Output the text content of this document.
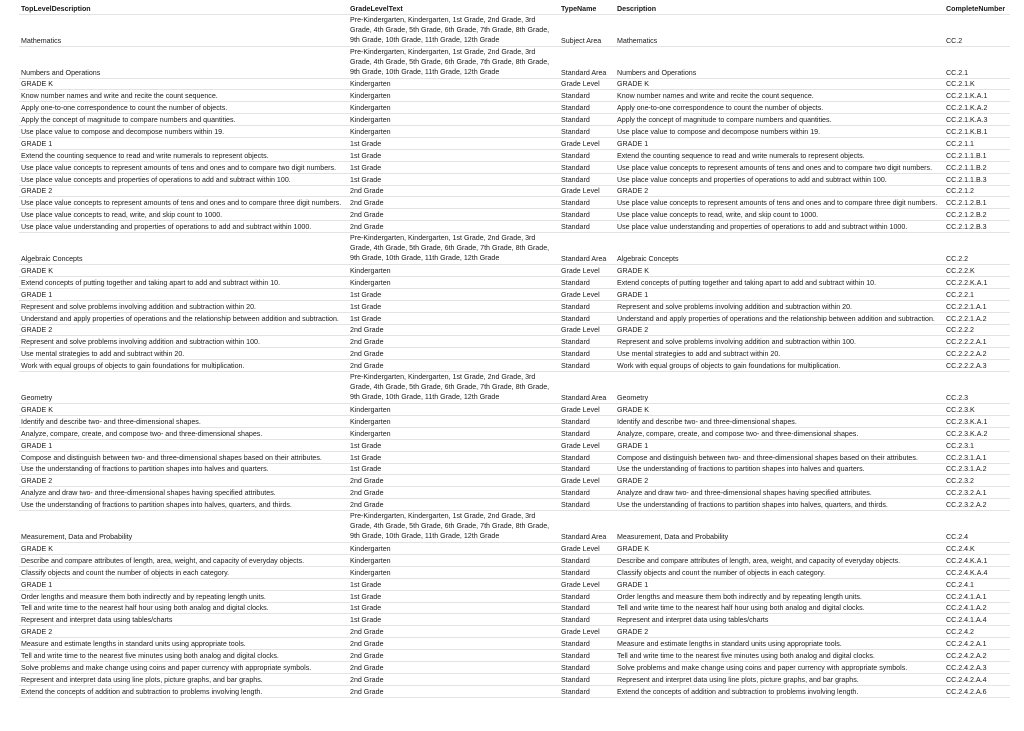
TopLevelDescription	GradeLevelText	TypeName	Description	CompleteNumber
Mathematics	Pre-Kindergarten, Kindergarten, 1st Grade, 2nd Grade, 3rd Grade, 4th Grade, 5th Grade, 6th Grade, 7th Grade, 8th Grade, 9th Grade, 10th Grade, 11th Grade, 12th Grade	Subject Area	Mathematics	CC.2
Numbers and Operations	Pre-Kindergarten, Kindergarten, 1st Grade, 2nd Grade, 3rd Grade, 4th Grade, 5th Grade, 6th Grade, 7th Grade, 8th Grade, 9th Grade, 10th Grade, 11th Grade, 12th Grade	Standard Area	Numbers and Operations	CC.2.1
GRADE K	Kindergarten	Grade Level	GRADE K	CC.2.1.K
Know number names and write and recite the count sequence.	Kindergarten	Standard	Know number names and write and recite the count sequence.	CC.2.1.K.A.1
Apply one-to-one correspondence to count the number of objects.	Kindergarten	Standard	Apply one-to-one correspondence to count the number of objects.	CC.2.1.K.A.2
Apply the concept of magnitude to compare numbers and quantities.	Kindergarten	Standard	Apply the concept of magnitude to compare numbers and quantities.	CC.2.1.K.A.3
Use place value to compose and decompose numbers within 19.	Kindergarten	Standard	Use place value to compose and decompose numbers within 19.	CC.2.1.K.B.1
GRADE 1	1st Grade	Grade Level	GRADE 1	CC.2.1.1
Extend the counting sequence to read and write numerals to represent objects.	1st Grade	Standard	Extend the counting sequence to read and write numerals to represent objects.	CC.2.1.1.B.1
Use place value concepts to represent amounts of tens and ones and to compare two digit numbers.	1st Grade	Standard	Use place value concepts to represent amounts of tens and ones and to compare two digit numbers.	CC.2.1.1.B.2
Use place value concepts and properties of operations to add and subtract within 100.	1st Grade	Standard	Use place value concepts and properties of operations to add and subtract within 100.	CC.2.1.1.B.3
GRADE 2	2nd Grade	Grade Level	GRADE 2	CC.2.1.2
Use place value concepts to represent amounts of tens and ones and to compare three digit numbers.	2nd Grade	Standard	Use place value concepts to represent amounts of tens and ones and to compare three digit numbers.	CC.2.1.2.B.1
Use place value concepts to read, write, and skip count to 1000.	2nd Grade	Standard	Use place value concepts to read, write, and skip count to 1000.	CC.2.1.2.B.2
Use place value understanding and properties of operations to add and subtract within 1000.	2nd Grade	Standard	Use place value understanding and properties of operations to add and subtract within 1000.	CC.2.1.2.B.3
Algebraic Concepts	Pre-Kindergarten, Kindergarten, 1st Grade, 2nd Grade, 3rd Grade, 4th Grade, 5th Grade, 6th Grade, 7th Grade, 8th Grade, 9th Grade, 10th Grade, 11th Grade, 12th Grade	Standard Area	Algebraic Concepts	CC.2.2
GRADE K	Kindergarten	Grade Level	GRADE K	CC.2.2.K
Extend concepts of putting together and taking apart to add and subtract within 10.	Kindergarten	Standard	Extend concepts of putting together and taking apart to add and subtract within 10.	CC.2.2.K.A.1
GRADE 1	1st Grade	Grade Level	GRADE 1	CC.2.2.1
Represent and solve problems involving addition and subtraction within 20.	1st Grade	Standard	Represent and solve problems involving addition and subtraction within 20.	CC.2.2.1.A.1
Understand and apply properties of operations and the relationship between addition and subtraction.	1st Grade	Standard	Understand and apply properties of operations and the relationship between addition and subtraction.	CC.2.2.1.A.2
GRADE 2	2nd Grade	Grade Level	GRADE 2	CC.2.2.2
Represent and solve problems involving addition and subtraction within 100.	2nd Grade	Standard	Represent and solve problems involving addition and subtraction within 100.	CC.2.2.2.A.1
Use mental strategies to add and subtract within 20.	2nd Grade	Standard	Use mental strategies to add and subtract within 20.	CC.2.2.2.A.2
Work with equal groups of objects to gain foundations for multiplication.	2nd Grade	Standard	Work with equal groups of objects to gain foundations for multiplication.	CC.2.2.2.A.3
Geometry	Pre-Kindergarten, Kindergarten, 1st Grade, 2nd Grade, 3rd Grade, 4th Grade, 5th Grade, 6th Grade, 7th Grade, 8th Grade, 9th Grade, 10th Grade, 11th Grade, 12th Grade	Standard Area	Geometry	CC.2.3
GRADE K	Kindergarten	Grade Level	GRADE K	CC.2.3.K
Identify and describe two- and three-dimensional shapes.	Kindergarten	Standard	Identify and describe two- and three-dimensional shapes.	CC.2.3.K.A.1
Analyze, compare, create, and compose two- and three-dimensional shapes.	Kindergarten	Standard	Analyze, compare, create, and compose two- and three-dimensional shapes.	CC.2.3.K.A.2
GRADE 1	1st Grade	Grade Level	GRADE 1	CC.2.3.1
Compose and distinguish between two- and three-dimensional shapes based on their attributes.	1st Grade	Standard	Compose and distinguish between two- and three-dimensional shapes based on their attributes.	CC.2.3.1.A.1
Use the understanding of fractions to partition shapes into halves and quarters.	1st Grade	Standard	Use the understanding of fractions to partition shapes into halves and quarters.	CC.2.3.1.A.2
GRADE 2	2nd Grade	Grade Level	GRADE 2	CC.2.3.2
Analyze and draw two- and three-dimensional shapes having specified attributes.	2nd Grade	Standard	Analyze and draw two- and three-dimensional shapes having specified attributes.	CC.2.3.2.A.1
Use the understanding of fractions to partition shapes into halves, quarters, and thirds.	2nd Grade	Standard	Use the understanding of fractions to partition shapes into halves, quarters, and thirds.	CC.2.3.2.A.2
Measurement, Data and Probability	Pre-Kindergarten, Kindergarten, 1st Grade, 2nd Grade, 3rd Grade, 4th Grade, 5th Grade, 6th Grade, 7th Grade, 8th Grade, 9th Grade, 10th Grade, 11th Grade, 12th Grade	Standard Area	Measurement, Data and Probability	CC.2.4
GRADE K	Kindergarten	Grade Level	GRADE K	CC.2.4.K
Describe and compare attributes of length, area, weight, and capacity of everyday objects.	Kindergarten	Standard	Describe and compare attributes of length, area, weight, and capacity of everyday objects.	CC.2.4.K.A.1
Classify objects and count the number of objects in each category.	Kindergarten	Standard	Classify objects and count the number of objects in each category.	CC.2.4.K.A.4
GRADE 1	1st Grade	Grade Level	GRADE 1	CC.2.4.1
Order lengths and measure them both indirectly and by repeating length units.	1st Grade	Standard	Order lengths and measure them both indirectly and by repeating length units.	CC.2.4.1.A.1
Tell and write time to the nearest half hour using both analog and digital clocks.	1st Grade	Standard	Tell and write time to the nearest half hour using both analog and digital clocks.	CC.2.4.1.A.2
Represent and interpret data using tables/charts	1st Grade	Standard	Represent and interpret data using tables/charts	CC.2.4.1.A.4
GRADE 2	2nd Grade	Grade Level	GRADE 2	CC.2.4.2
Measure and estimate lengths in standard units using appropriate tools.	2nd Grade	Standard	Measure and estimate lengths in standard units using appropriate tools.	CC.2.4.2.A.1
Tell and write time to the nearest five minutes using both analog and digital clocks.	2nd Grade	Standard	Tell and write time to the nearest five minutes using both analog and digital clocks.	CC.2.4.2.A.2
Solve problems and make change using coins and paper currency with appropriate symbols.	2nd Grade	Standard	Solve problems and make change using coins and paper currency with appropriate symbols.	CC.2.4.2.A.3
Represent and interpret data using line plots, picture graphs, and bar graphs.	2nd Grade	Standard	Represent and interpret data using line plots, picture graphs, and bar graphs.	CC.2.4.2.A.4
Extend the concepts of addition and subtraction to problems involving length.	2nd Grade	Standard	Extend the concepts of addition and subtraction to problems involving length.	CC.2.4.2.A.6
